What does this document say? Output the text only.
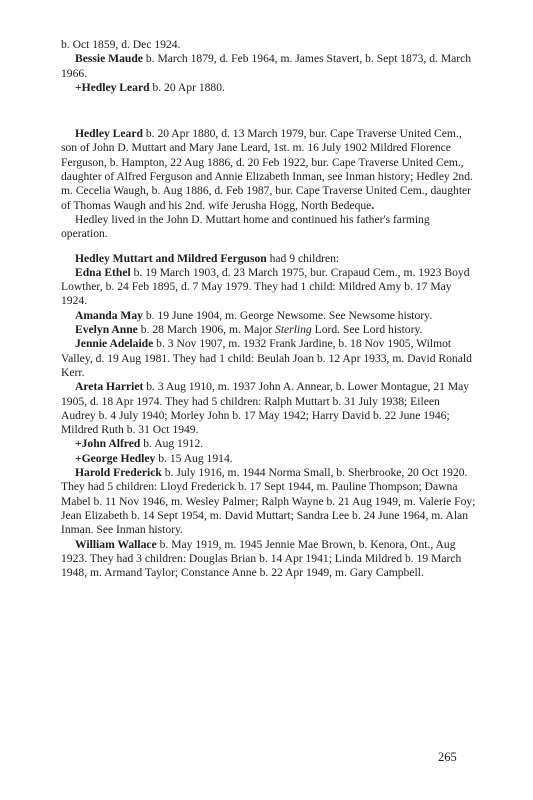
b. Oct 1859, d. Dec 1924.

Bessie Maude b. March 1879, d. Feb 1964, m. James Stavert, b. Sept 1873, d. March 1966.

+Hedley Leard b. 20 Apr 1880.

Hedley Leard b. 20 Apr 1880, d. 13 March 1979, bur. Cape Traverse United Cem., son of John D. Muttart and Mary Jane Leard, 1st. m. 16 July 1902 Mildred Florence Ferguson, b. Hampton, 22 Aug 1886, d. 20 Feb 1922, bur. Cape Traverse United Cem., daughter of Alfred Ferguson and Annie Elizabeth Inman, see Inman history; Hedley 2nd. m. Cecelia Waugh, b. Aug 1886, d. Feb 1987, bur. Cape Traverse United Cem., daughter of Thomas Waugh and his 2nd. wife Jerusha Hogg, North Bedeque.

Hedley lived in the John D. Muttart home and continued his father's farming operation.

Hedley Muttart and Mildred Ferguson had 9 children:

Edna Ethel b. 19 March 1903, d. 23 March 1975, bur. Crapaud Cem., m. 1923 Boyd Lowther, b. 24 Feb 1895, d. 7 May 1979. They had 1 child: Mildred Amy b. 17 May 1924.

Amanda May b. 19 June 1904, m. George Newsome. See Newsome history.

Evelyn Anne b. 28 March 1906, m. Major Sterling Lord. See Lord history.

Jennie Adelaide b. 3 Nov 1907, m. 1932 Frank Jardine, b. 18 Nov 1905, Wilmot Valley, d. 19 Aug 1981. They had 1 child: Beulah Joan b. 12 Apr 1933, m. David Ronald Kerr.

Areta Harriet b. 3 Aug 1910, m. 1937 John A. Annear, b. Lower Montague, 21 May 1905, d. 18 Apr 1974. They had 5 children: Ralph Muttart b. 31 July 1938; Eileen Audrey b. 4 July 1940; Morley John b. 17 May 1942; Harry David b. 22 June 1946; Mildred Ruth b. 31 Oct 1949.

+John Alfred b. Aug 1912.

+George Hedley b. 15 Aug 1914.

Harold Frederick b. July 1916, m. 1944 Norma Small, b. Sherbrooke, 20 Oct 1920. They had 5 children: Lloyd Frederick b. 17 Sept 1944, m. Pauline Thompson; Dawna Mabel b. 11 Nov 1946, m. Wesley Palmer; Ralph Wayne b. 21 Aug 1949, m. Valerie Foy; Jean Elizabeth b. 14 Sept 1954, m. David Muttart; Sandra Lee b. 24 June 1964, m. Alan Inman. See Inman history.

William Wallace b. May 1919, m. 1945 Jennie Mae Brown, b. Kenora, Ont., Aug 1923. They had 3 children: Douglas Brian b. 14 Apr 1941; Linda Mildred b. 19 March 1948, m. Armand Taylor; Constance Anne b. 22 Apr 1949, m. Gary Campbell.

265
